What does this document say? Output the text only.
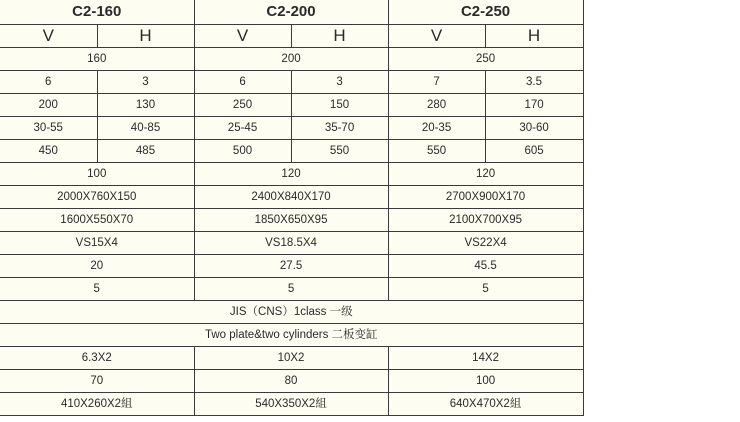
C2-160		C2-200		C2-250	
V	H	V	H	V	H
160		200		250	
6	3	6	3	7	3.5
200	130	250	150	280	170
30-55	40-85	25-45	35-70	20-35	30-60
450	485	500	550	550	605
100		120		120	
2000X760X150		2400X840X170		2700X900X170	
1600X550X70		1850X650X95		2100X700X95	
VS15X4		VS18.5X4		VS22X4	
20		27.5		45.5	
5		5		5	
JIS（CNS）1class 一级					
Two plate&two cylinders 二板变缸					
6.3X2		10X2		14X2	
70		80		100	
410X260X2組		540X350X2組		640X470X2組	
